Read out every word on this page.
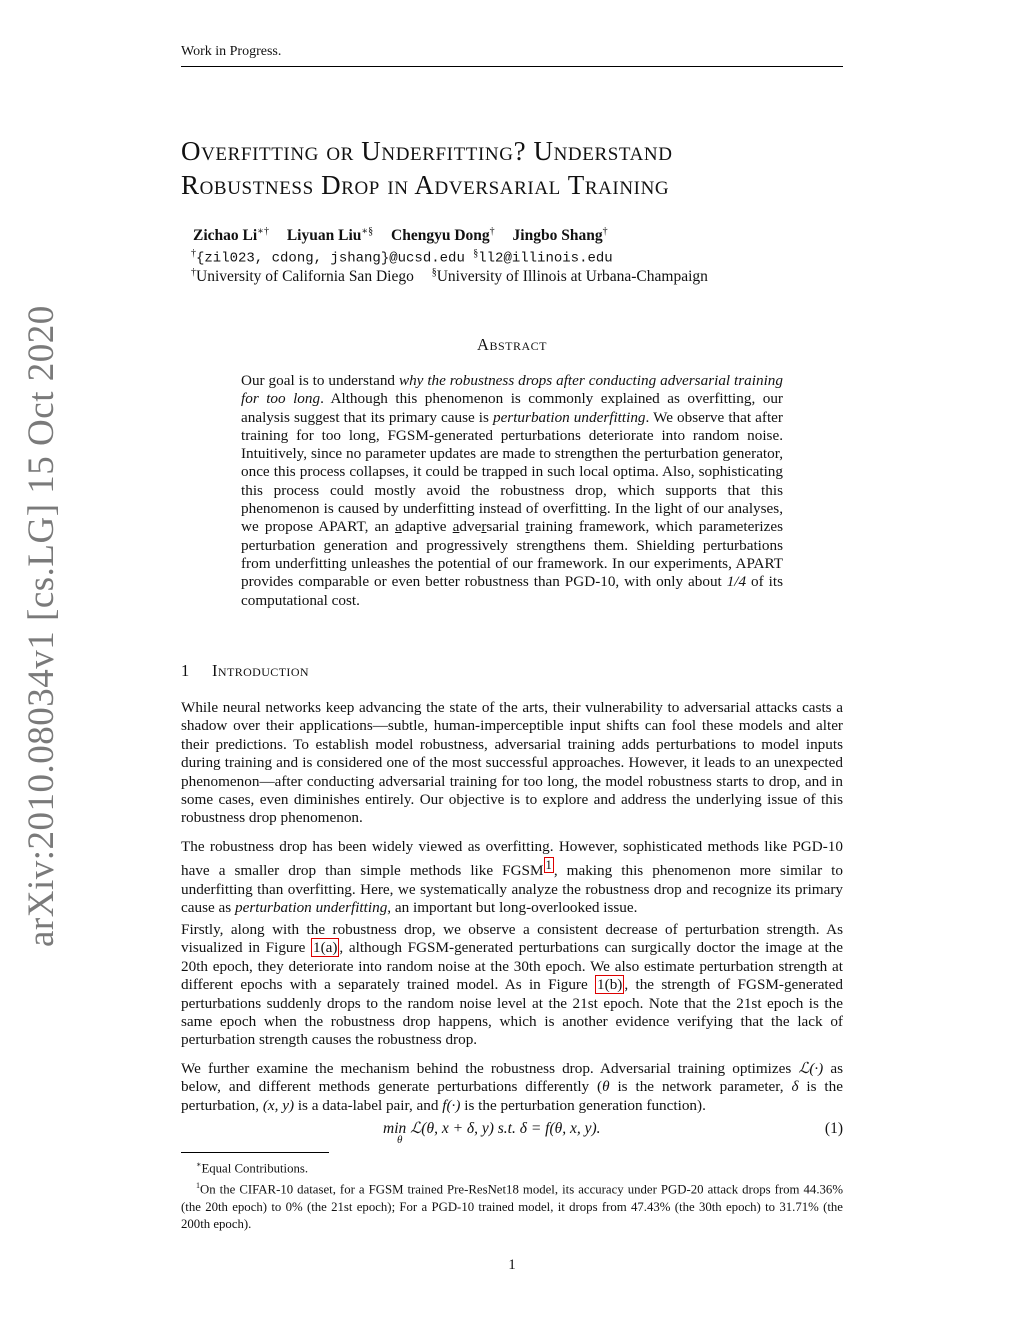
Work in Progress.
arXiv:2010.08034v1 [cs.LG] 15 Oct 2020
Overfitting or Underfitting? Understand
Robustness Drop in Adversarial Training
Zichao Li∗† Liyuan Liu∗§ Chengyu Dong† Jingbo Shang†
†{zil023, cdong, jshang}@ucsd.edu §ll2@illinois.edu
†University of California San Diego §University of Illinois at Urbana-Champaign
Abstract
Our goal is to understand why the robustness drops after conducting adversarial training for too long. Although this phenomenon is commonly explained as overfitting, our analysis suggest that its primary cause is perturbation underfitting. We observe that after training for too long, FGSM-generated perturbations deteriorate into random noise. Intuitively, since no parameter updates are made to strengthen the perturbation generator, once this process collapses, it could be trapped in such local optima. Also, sophisticating this process could mostly avoid the robustness drop, which supports that this phenomenon is caused by underfitting instead of overfitting. In the light of our analyses, we propose APART, an adaptive adversarial training framework, which parameterizes perturbation generation and progressively strengthens them. Shielding perturbations from underfitting unleashes the potential of our framework. In our experiments, APART provides comparable or even better robustness than PGD-10, with only about 1/4 of its computational cost.
1 Introduction
While neural networks keep advancing the state of the arts, their vulnerability to adversarial attacks casts a shadow over their applications—subtle, human-imperceptible input shifts can fool these models and alter their predictions. To establish model robustness, adversarial training adds perturbations to model inputs during training and is considered one of the most successful approaches. However, it leads to an unexpected phenomenon—after conducting adversarial training for too long, the model robustness starts to drop, and in some cases, even diminishes entirely. Our objective is to explore and address the underlying issue of this robustness drop phenomenon.
The robustness drop has been widely viewed as overfitting. However, sophisticated methods like PGD-10 have a smaller drop than simple methods like FGSM $^1$ , making this phenomenon more similar to underfitting than overfitting. Here, we systematically analyze the robustness drop and recognize its primary cause as perturbation underfitting, an important but long-overlooked issue.
Firstly, along with the robustness drop, we observe a consistent decrease of perturbation strength. As visualized in Figure 1(a) , although FGSM-generated perturbations can surgically doctor the image at the 20th epoch, they deteriorate into random noise at the 30th epoch. We also estimate perturbation strength at different epochs with a separately trained model. As in Figure 1(b) , the strength of FGSM-generated perturbations suddenly drops to the random noise level at the 21st epoch. Note that the 21st epoch is the same epoch when the robustness drop happens, which is another evidence verifying that the lack of perturbation strength causes the robustness drop.
We further examine the mechanism behind the robustness drop. Adversarial training optimizes ℒ(·) as below, and different methods generate perturbations differently (θ is the network parameter, δ is the perturbation, (x, y) is a data-label pair, and f(·) is the perturbation generation function).
min ℒ(θ, x + δ, y) s.t. δ = f(θ, x, y).
θ
(1)

∗Equal Contributions.

$^1$On the CIFAR-10 dataset, for a FGSM trained Pre-ResNet18 model, its accuracy under PGD-20 attack drops from 44.36% (the 20th epoch) to 0% (the 21st epoch); For a PGD-10 trained model, it drops from 47.43% (the 30th epoch) to 31.71% (the 200th epoch).

1
